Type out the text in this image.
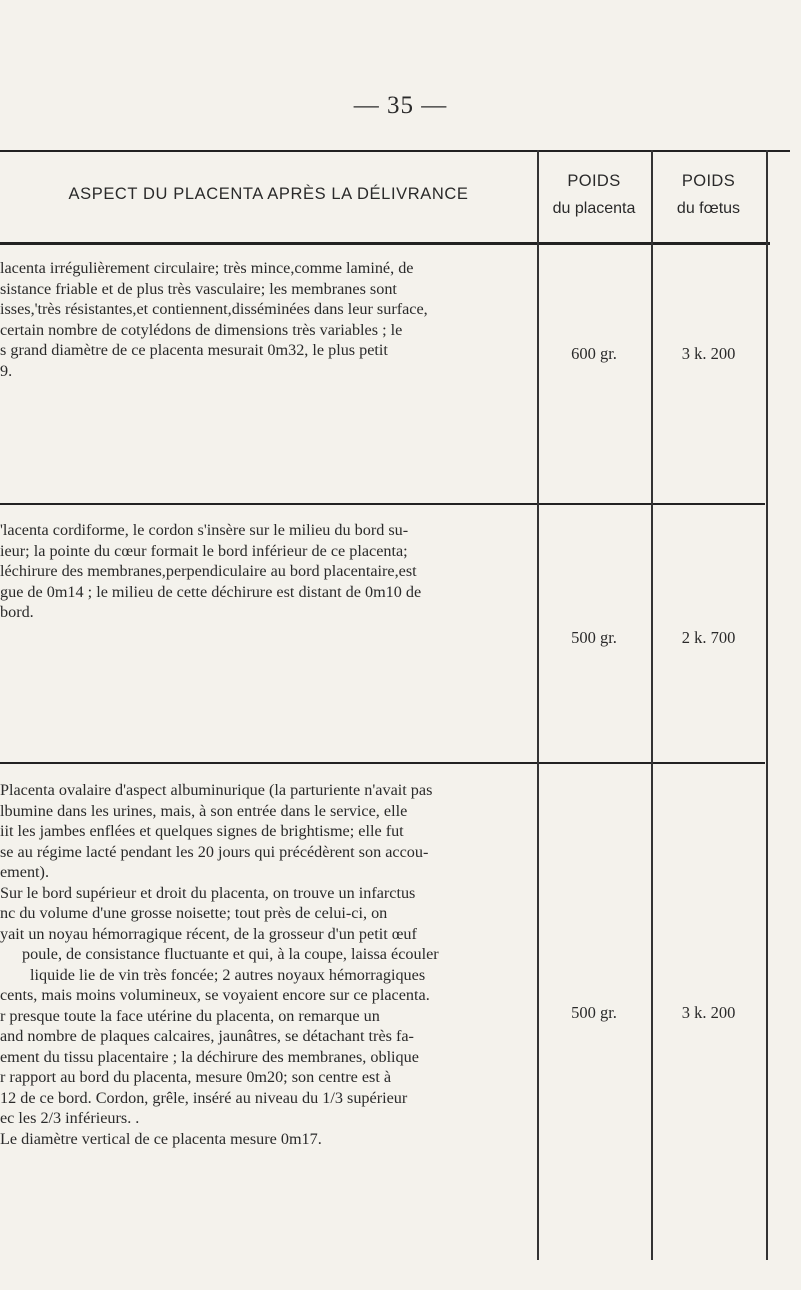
— 35 —
ASPECT DU PLACENTA APRÈS LA DÉLIVRANCE
POIDS
du placenta
POIDS
du fœtus

lacenta irrégulièrement circulaire; très mince,comme laminé, de

sistance friable et de plus très vasculaire; les membranes sont

isses,'très résistantes,et contiennent,disséminées dans leur surface,

certain nombre de cotylédons de dimensions très variables ; le

s grand diamètre de ce placenta mesurait 0m32, le plus petit

9.

600 gr.	3 k. 200

'lacenta cordiforme, le cordon s'insère sur le milieu du bord su-

ieur; la pointe du cœur formait le bord inférieur de ce placenta;

léchirure des membranes,perpendiculaire au bord placentaire,est

gue de 0m14 ; le milieu de cette déchirure est distant de 0m10 de

bord.

500 gr.	2 k. 700

Placenta ovalaire d'aspect albuminurique (la parturiente n'avait pas

lbumine dans les urines, mais, à son entrée dans le service, elle

iit les jambes enflées et quelques signes de brightisme; elle fut

se au régime lacté pendant les 20 jours qui précédèrent son accou-

ement).

Sur le bord supérieur et droit du placenta, on trouve un infarctus

nc du volume d'une grosse noisette; tout près de celui-ci, on

yait un noyau hémorragique récent, de la grosseur d'un petit œuf

poule, de consistance fluctuante et qui, à la coupe, laissa écouler

liquide lie de vin très foncée; 2 autres noyaux hémorragiques

cents, mais moins volumineux, se voyaient encore sur ce placenta.

r presque toute la face utérine du placenta, on remarque un

and nombre de plaques calcaires, jaunâtres, se détachant très fa-

ement du tissu placentaire ; la déchirure des membranes, oblique

r rapport au bord du placenta, mesure 0m20; son centre est à

12 de ce bord. Cordon, grêle, inséré au niveau du 1/3 supérieur

ec les 2/3 inférieurs. .

Le diamètre vertical de ce placenta mesure 0m17.

500 gr.	3 k. 200
